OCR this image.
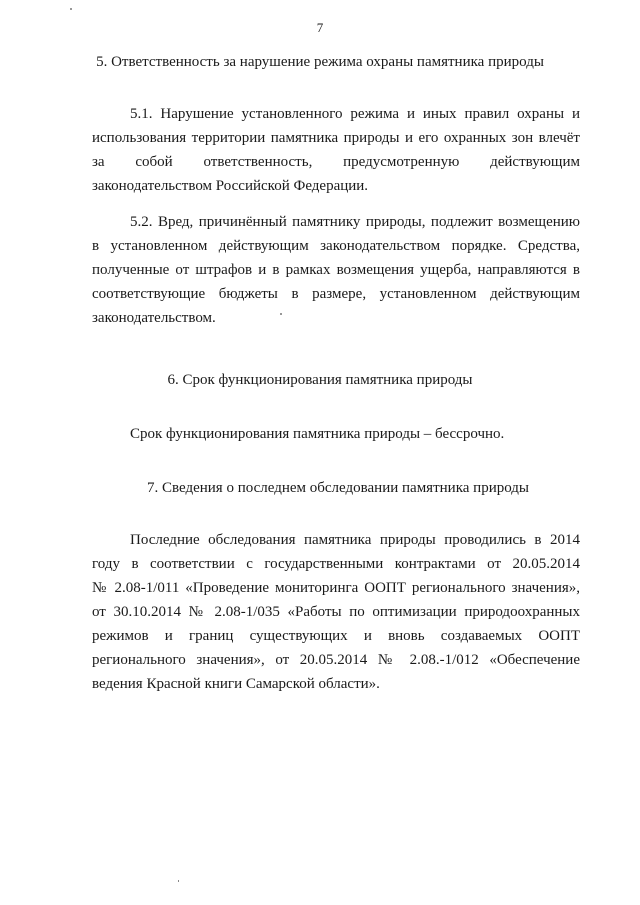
7
5. Ответственность за нарушение режима охраны памятника природы
5.1. Нарушение установленного режима и иных правил охраны и
использования территории памятника природы и его охранных зон влечёт
за собой ответственность, предусмотренную действующим
законодательством Российской Федерации.
5.2. Вред, причинённый памятнику природы, подлежит возмещению
в установленном действующим законодательством порядке. Средства,
полученные от штрафов и в рамках возмещения ущерба, направляются в
соответствующие бюджеты в размере, установленном действующим
законодательством.
6. Срок функционирования памятника природы
Срок функционирования памятника природы – бессрочно.
7. Сведения о последнем обследовании памятника природы
Последние обследования памятника природы проводились в 2014
году в соответствии с государственными контрактами от 20.05.2014
№ 2.08-1/011 «Проведение мониторинга ООПТ регионального значения»,
от 30.10.2014 № 2.08-1/035 «Работы по оптимизации природоохранных
режимов и границ существующих и вновь создаваемых ООПТ
регионального значения», от 20.05.2014 № 2.08.-1/012 «Обеспечение
ведения Красной книги Самарской области».
